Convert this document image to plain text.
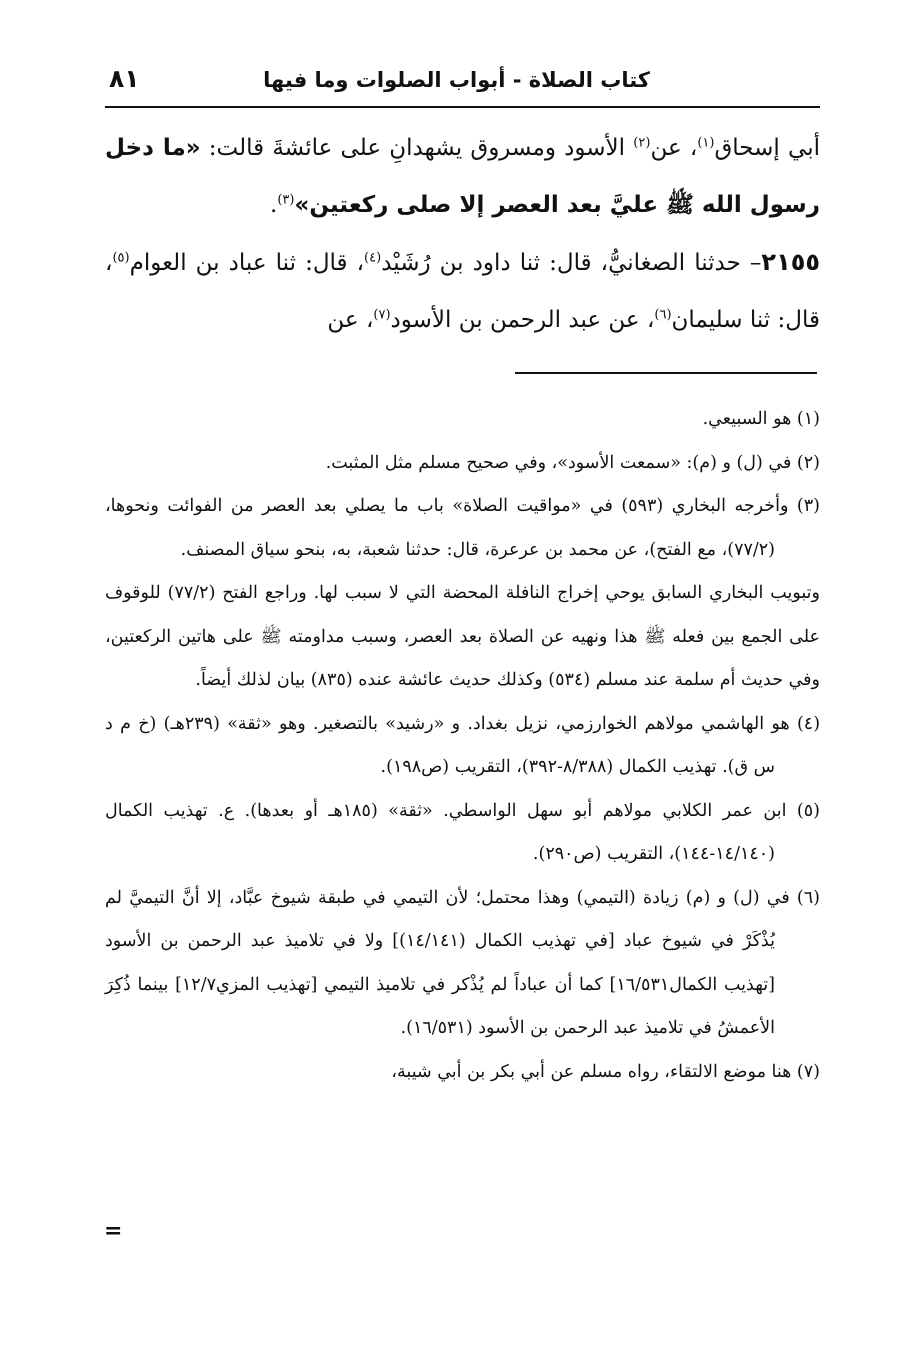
كتاب الصلاة - أبواب الصلوات وما فيها
٨١

أبي إسحاق$^{(١)}$، عن$^{(٢)}$ الأسود ومسروق يشهدانِ على عائشةَ قالت: «ما دخل رسول الله ﷺ عليَّ بعد العصر إلا صلى ركعتين»$^{(٣)}$.

٢١٥٥– حدثنا الصغانيُّ، قال: ثنا داود بن رُشَيْد$^{(٤)}$، قال: ثنا عباد بن العوام$^{(٥)}$، قال: ثنا سليمان$^{(٦)}$، عن عبد الرحمن بن الأسود$^{(٧)}$، عن

(١) هو السبيعي.

(٢) في (ل) و (م): «سمعت الأسود»، وفي صحيح مسلم مثل المثبت.

(٣) وأخرجه البخاري (٥٩٣) في «مواقيت الصلاة» باب ما يصلي بعد العصر من الفوائت ونحوها، (٧٧/٢)، مع الفتح)، عن محمد بن عرعرة، قال: حدثنا شعبة، به، بنحو سياق المصنف.

وتبويب البخاري السابق يوحي إخراج النافلة المحضة التي لا سبب لها. وراجع الفتح (٧٧/٢) للوقوف على الجمع بين فعله ﷺ هذا ونهيه عن الصلاة بعد العصر، وسبب مداومته ﷺ على هاتين الركعتين، وفي حديث أم سلمة عند مسلم (٥٣٤) وكذلك حديث عائشة عنده (٨٣٥) بيان لذلك أيضاً.

(٤) هو الهاشمي مولاهم الخوارزمي، نزيل بغداد. و «رشيد» بالتصغير. وهو «ثقة» (٢٣٩هـ) (خ م د س ق). تهذيب الكمال (٨/٣٨٨-٣٩٢)، التقريب (ص١٩٨).

(٥) ابن عمر الكلابي مولاهم أبو سهل الواسطي. «ثقة» (١٨٥هـ أو بعدها). ع. تهذيب الكمال (١٤/١٤٠-١٤٤)، التقريب (ص٢٩٠).

(٦) في (ل) و (م) زيادة (التيمي) وهذا محتمل؛ لأن التيمي في طبقة شيوخ عبَّاد، إلا أنَّ التيميَّ لم يُذْكَرْ في شيوخ عباد [في تهذيب الكمال (١٤/١٤١)] ولا في تلاميذ عبد الرحمن بن الأسود [تهذيب الكمال١٦/٥٣١] كما أن عباداً لم يُذْكر في تلاميذ التيمي [تهذيب المزي١٢/٧] بينما ذُكِرَ الأعمشُ في تلاميذ عبد الرحمن بن الأسود (١٦/٥٣١).

(٧) هنا موضع الالتقاء، رواه مسلم عن أبي بكر بن أبي شيبة،

=
